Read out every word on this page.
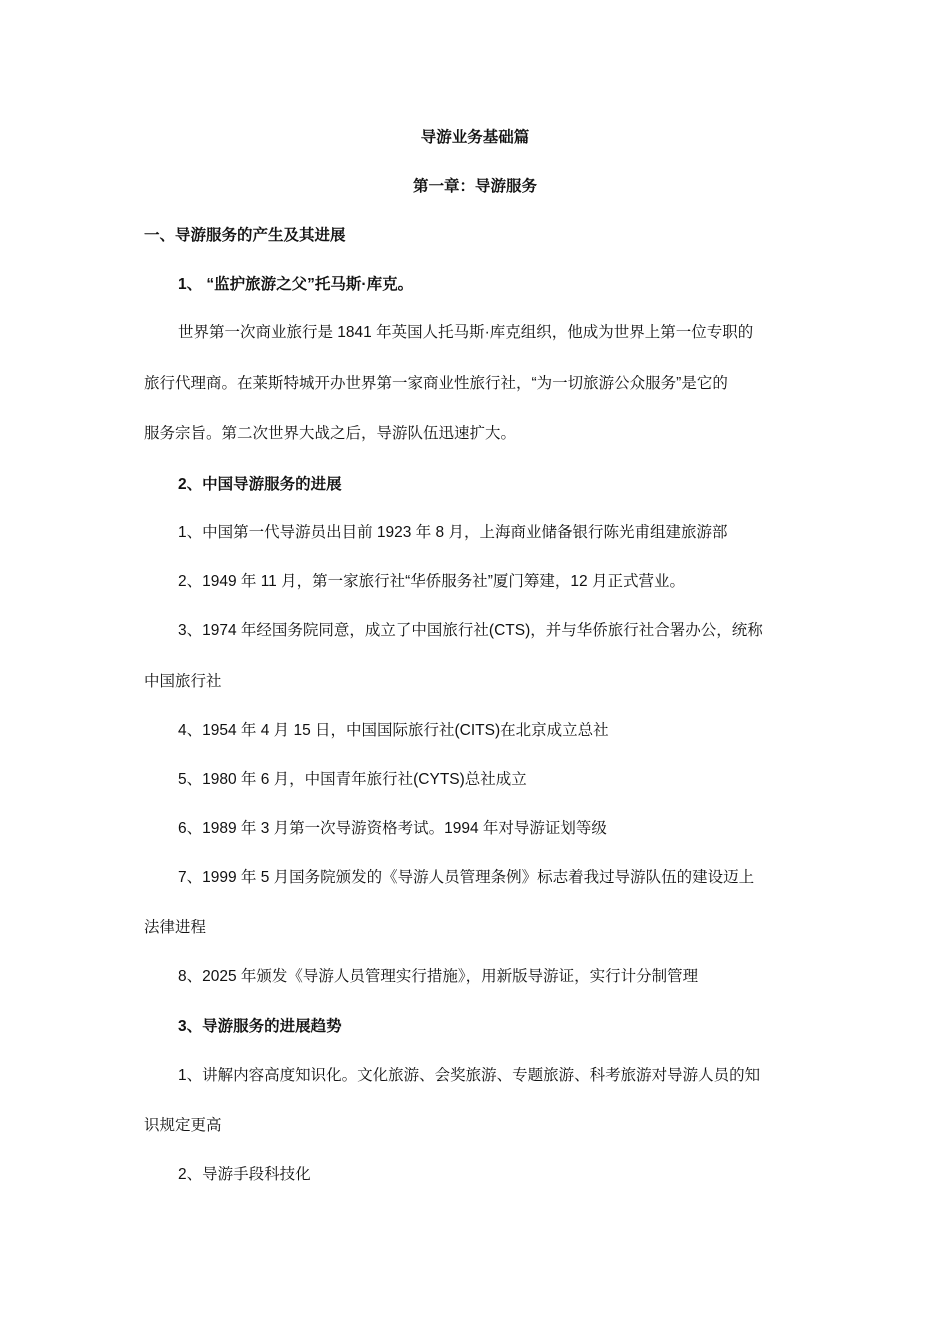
导游业务基础篇
第一章：导游服务
一、导游服务的产生及其进展
1、 “监护旅游之父”托马斯·库克。
世界第一次商业旅行是 1841 年英国人托马斯·库克组织，他成为世界上第一位专职的
旅行代理商。在莱斯特城开办世界第一家商业性旅行社，“为一切旅游公众服务”是它的
服务宗旨。第二次世界大战之后，导游队伍迅速扩大。
2、中国导游服务的进展
1、中国第一代导游员出目前 1923 年 8 月，上海商业储备银行陈光甫组建旅游部
2、1949 年 11 月，第一家旅行社“华侨服务社”厦门筹建，12 月正式营业。
3、1974 年经国务院同意，成立了中国旅行社(CTS)，并与华侨旅行社合署办公，统称
中国旅行社
4、1954 年 4 月 15 日，中国国际旅行社(CITS)在北京成立总社
5、1980 年 6 月，中国青年旅行社(CYTS)总社成立
6、1989 年 3 月第一次导游资格考试。1994 年对导游证划等级
7、1999 年 5 月国务院颁发的《导游人员管理条例》标志着我过导游队伍的建设迈上
法律进程
8、2025 年颁发《导游人员管理实行措施》，用新版导游证，实行计分制管理
3、导游服务的进展趋势
1、讲解内容高度知识化。文化旅游、会奖旅游、专题旅游、科考旅游对导游人员的知
识规定更高
2、导游手段科技化
